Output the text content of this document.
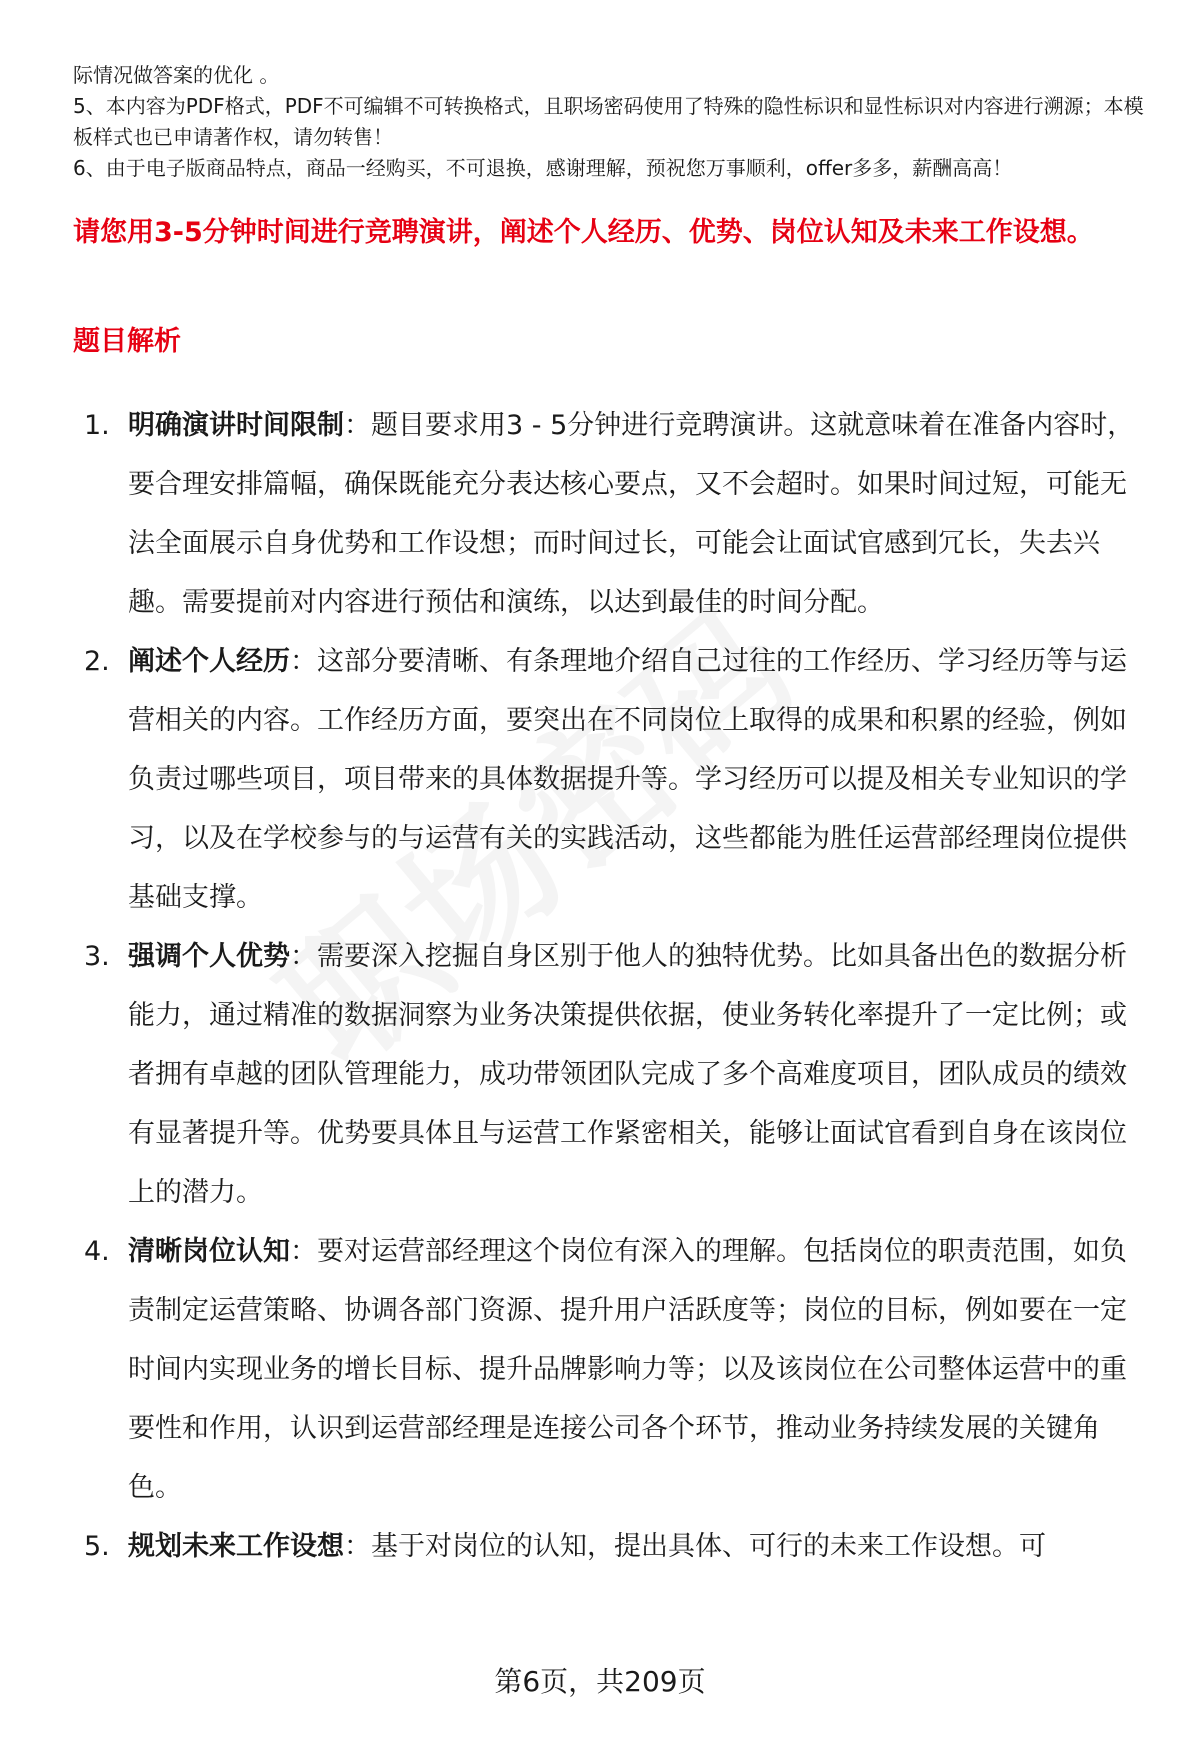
际情况做答案的优化 。

5、本内容为PDF格式，PDF不可编辑不可转换格式，且职场密码使用了特殊的隐性标识和显性标识对内容进行溯源；本模板样式也已申请著作权，请勿转售！

6、由于电子版商品特点，商品一经购买，不可退换，感谢理解，预祝您万事顺利，offer多多，薪酬高高！

请您用3-5分钟时间进行竞聘演讲，阐述个人经历、优势、岗位认知及未来工作设想。
题目解析
1. 明确演讲时间限制：题目要求用3 - 5分钟进行竞聘演讲。这就意味着在准备内容时，要合理安排篇幅，确保既能充分表达核心要点，又不会超时。如果时间过短，可能无法全面展示自身优势和工作设想；而时间过长，可能会让面试官感到冗长，失去兴趣。需要提前对内容进行预估和演练，以达到最佳的时间分配。
2. 阐述个人经历：这部分要清晰、有条理地介绍自己过往的工作经历、学习经历等与运营相关的内容。工作经历方面，要突出在不同岗位上取得的成果和积累的经验，例如负责过哪些项目，项目带来的具体数据提升等。学习经历可以提及相关专业知识的学习，以及在学校参与的与运营有关的实践活动，这些都能为胜任运营部经理岗位提供基础支撑。
3. 强调个人优势：需要深入挖掘自身区别于他人的独特优势。比如具备出色的数据分析能力，通过精准的数据洞察为业务决策提供依据，使业务转化率提升了一定比例；或者拥有卓越的团队管理能力，成功带领团队完成了多个高难度项目，团队成员的绩效有显著提升等。优势要具体且与运营工作紧密相关，能够让面试官看到自身在该岗位上的潜力。
4. 清晰岗位认知：要对运营部经理这个岗位有深入的理解。包括岗位的职责范围，如负责制定运营策略、协调各部门资源、提升用户活跃度等；岗位的目标，例如要在一定时间内实现业务的增长目标、提升品牌影响力等；以及该岗位在公司整体运营中的重要性和作用，认识到运营部经理是连接公司各个环节，推动业务持续发展的关键角色。
5. 规划未来工作设想：基于对岗位的认知，提出具体、可行的未来工作设想。可
第6页，共209页
